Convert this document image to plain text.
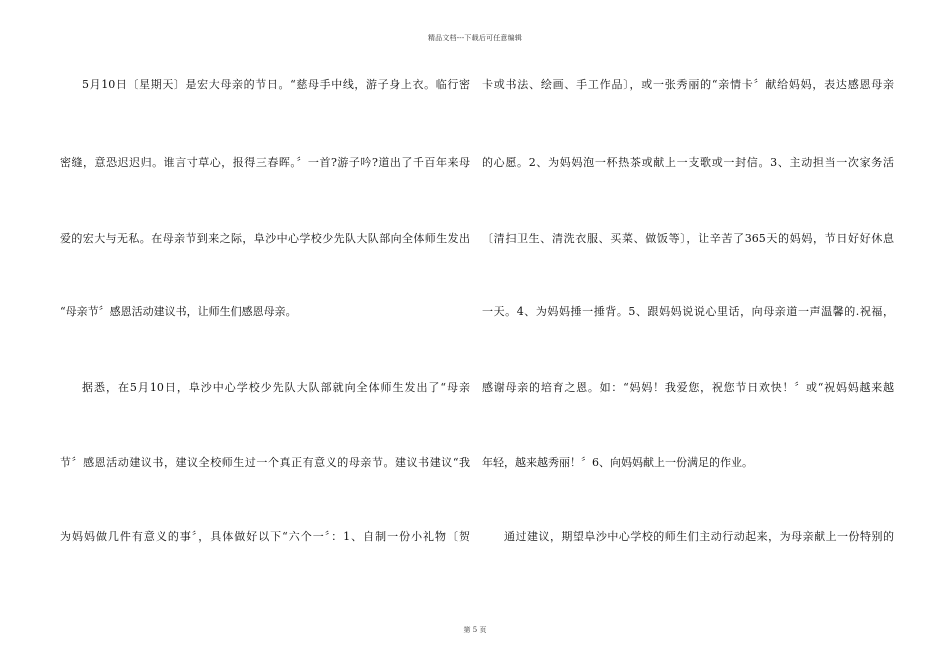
精品文档---下载后可任意编辑
5月10日〔星期天〕是宏大母亲的节日。“慈母手中线，游子身上衣。临行密
密缝，意恐迟迟归。谁言寸草心，报得三春晖。〞一首?游子吟?道出了千百年来母
爱的宏大与无私。在母亲节到来之际，阜沙中心学校少先队大队部向全体师生发出
“母亲节〞感恩活动建议书，让师生们感恩母亲。
据悉，在5月10日，阜沙中心学校少先队大队部就向全体师生发出了“母亲
节〞感恩活动建议书，建议全校师生过一个真正有意义的母亲节。建议书建议“我
为妈妈做几件有意义的事〞，具体做好以下“六个一〞：1、自制一份小礼物〔贺
卡或书法、绘画、手工作品〕，或一张秀丽的“亲情卡〞献给妈妈，表达感恩母亲
的心愿。2、为妈妈泡一杯热茶或献上一支歌或一封信。3、主动担当一次家务活
〔清扫卫生、清洗衣服、买菜、做饭等〕，让辛苦了365天的妈妈，节日好好休息
一天。4、为妈妈捶一捶背。5、跟妈妈说说心里话，向母亲道一声温馨的.祝福，
感谢母亲的培育之恩。如：“妈妈！我爱您，祝您节日欢快！〞或“祝妈妈越来越
年轻，越来越秀丽！〞6、向妈妈献上一份满足的作业。
通过建议，期望阜沙中心学校的师生们主动行动起来，为母亲献上一份特别的
第 5 页
